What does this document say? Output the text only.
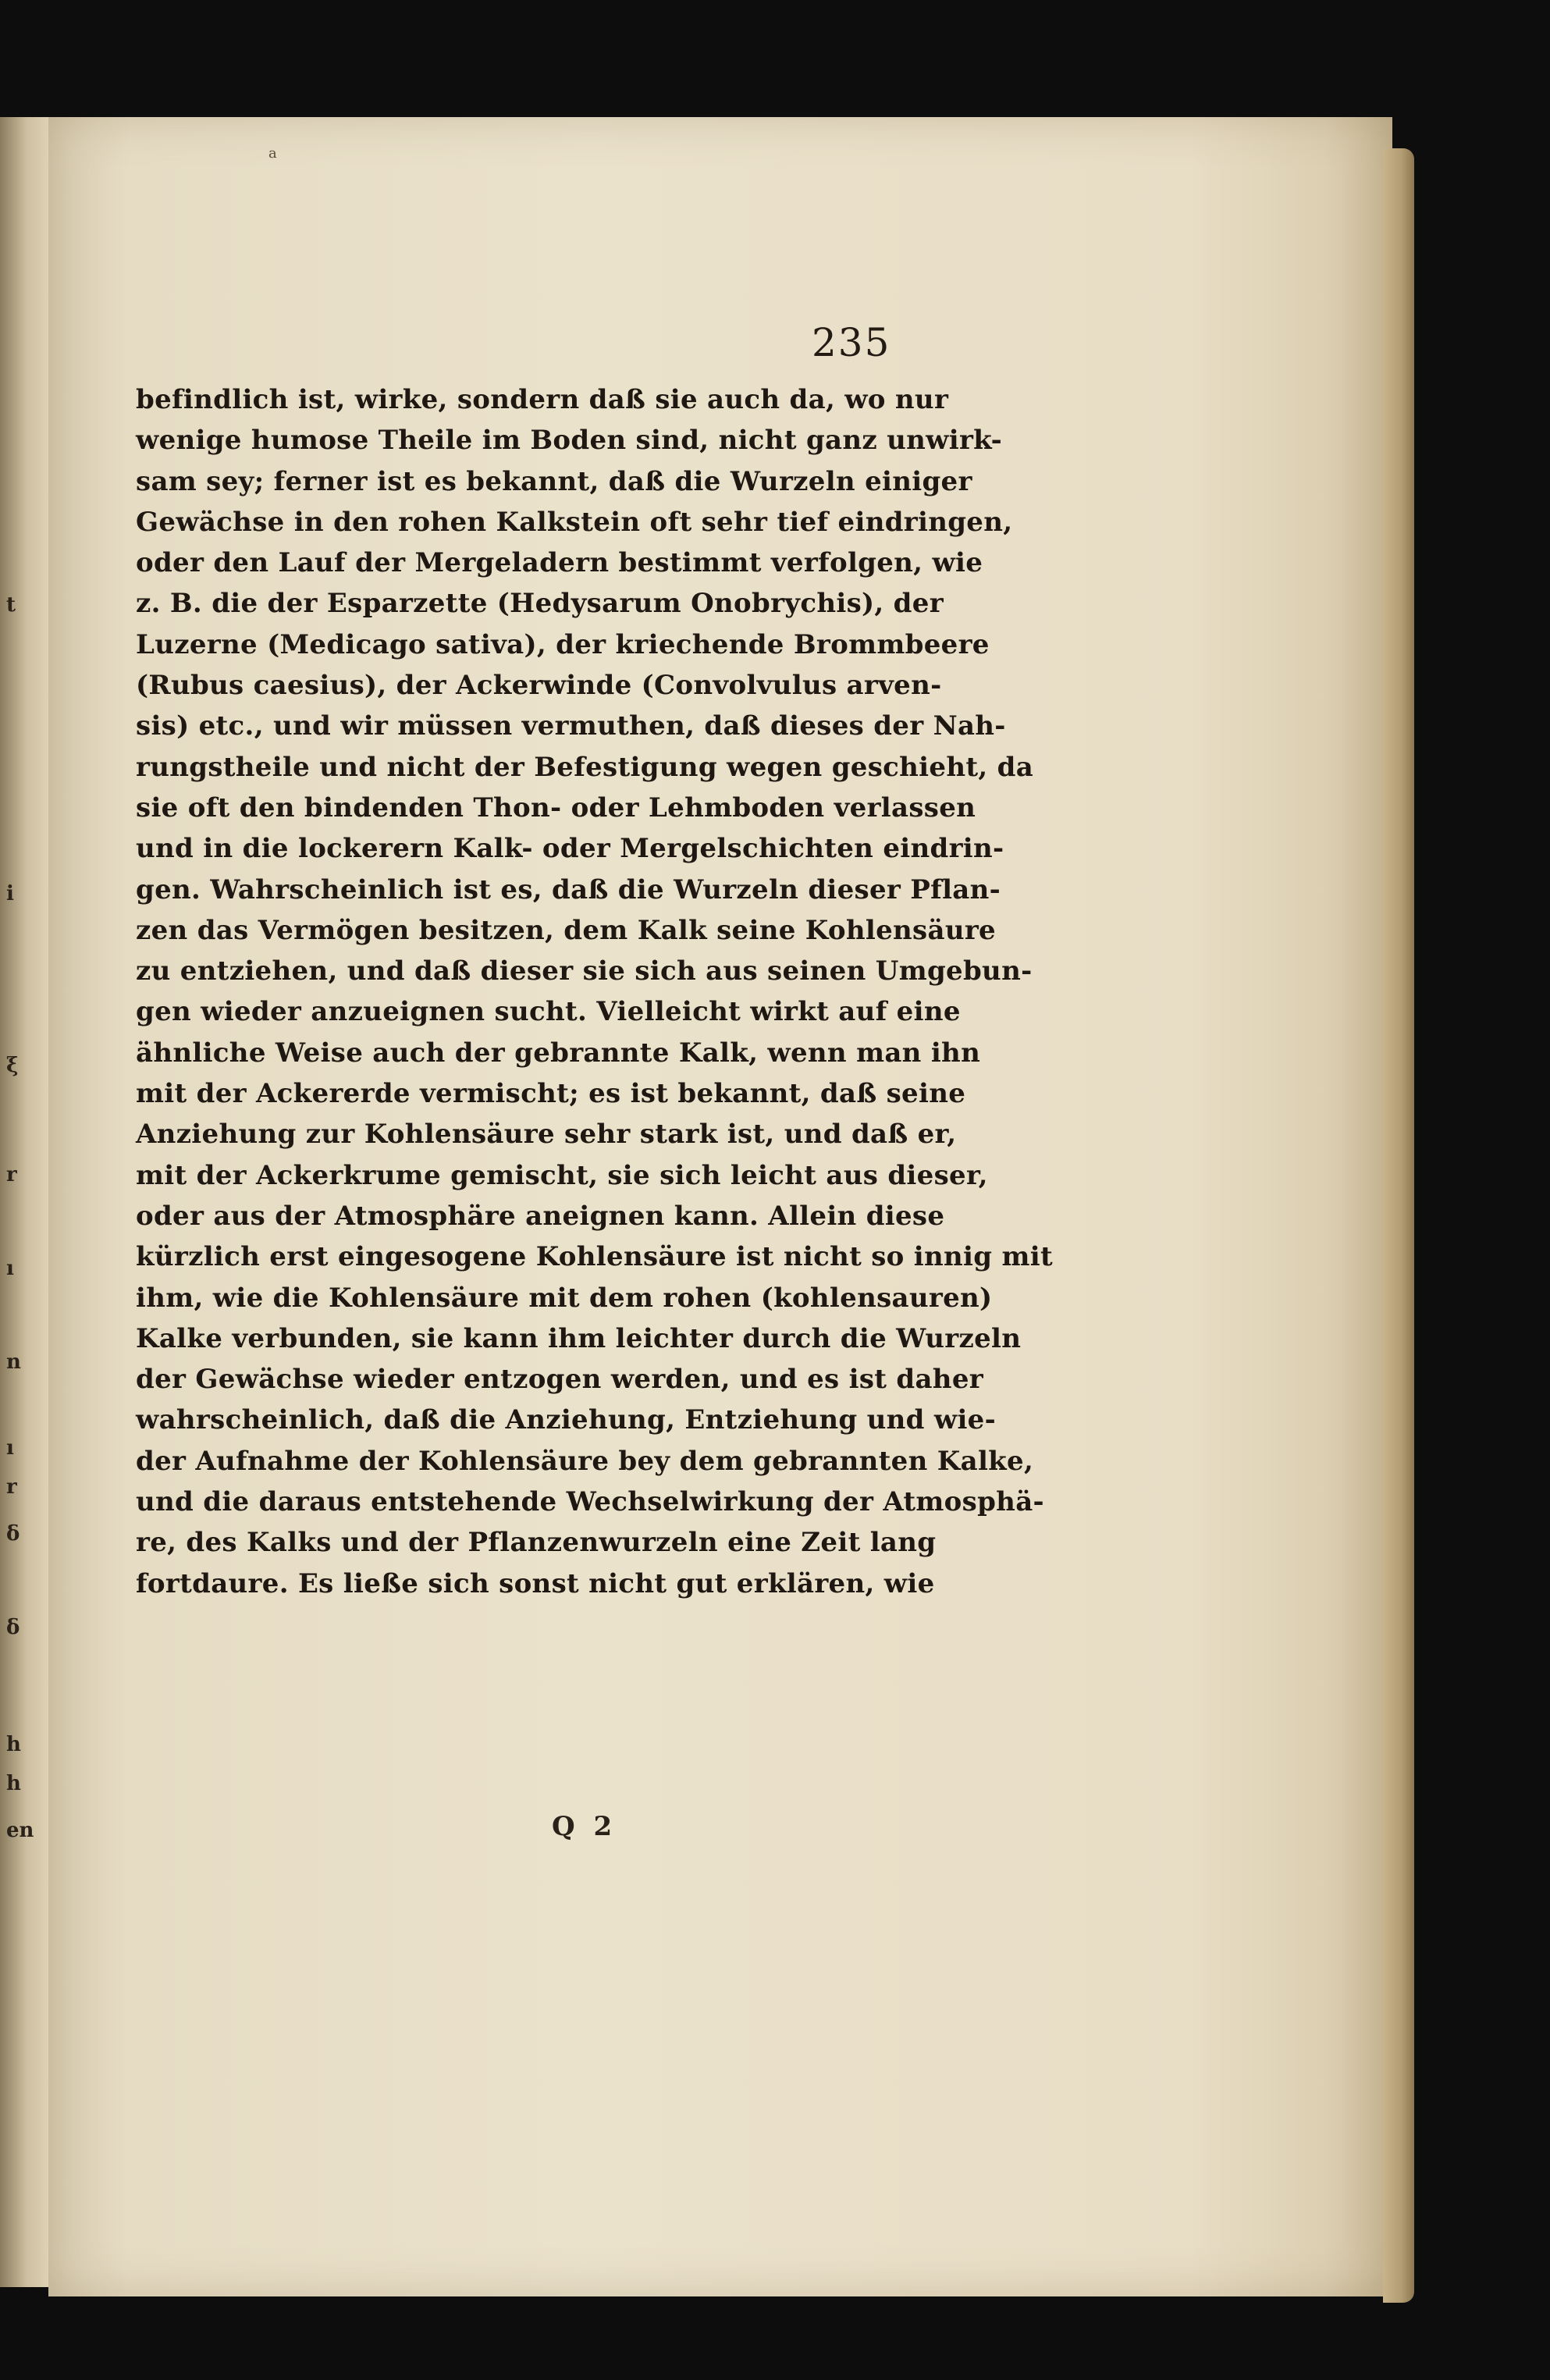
t
i
ξ
r
ı
n
ı
r
δ
δ
h
h
en
a
235
befindlich ist, wirke, sondern daß sie auch da, wo nur
wenige humose Theile im Boden sind, nicht ganz unwirk-
sam sey; ferner ist es bekannt, daß die Wurzeln einiger
Gewächse in den rohen Kalkstein oft sehr tief eindringen,
oder den Lauf der Mergeladern bestimmt verfolgen, wie
z. B. die der Esparzette (Hedysarum Onobrychis), der
Luzerne (Medicago sativa), der kriechende Brommbeere
(Rubus caesius), der Ackerwinde (Convolvulus arven-
sis) etc., und wir müssen vermuthen, daß dieses der Nah-
rungstheile und nicht der Befestigung wegen geschieht, da
sie oft den bindenden Thon- oder Lehmboden verlassen
und in die lockerern Kalk- oder Mergelschichten eindrin-
gen. Wahrscheinlich ist es, daß die Wurzeln dieser Pflan-
zen das Vermögen besitzen, dem Kalk seine Kohlensäure
zu entziehen, und daß dieser sie sich aus seinen Umgebun-
gen wieder anzueignen sucht. Vielleicht wirkt auf eine
ähnliche Weise auch der gebrannte Kalk, wenn man ihn
mit der Ackererde vermischt; es ist bekannt, daß seine
Anziehung zur Kohlensäure sehr stark ist, und daß er,
mit der Ackerkrume gemischt, sie sich leicht aus dieser,
oder aus der Atmosphäre aneignen kann. Allein diese
kürzlich erst eingesogene Kohlensäure ist nicht so innig mit
ihm, wie die Kohlensäure mit dem rohen (kohlensauren)
Kalke verbunden, sie kann ihm leichter durch die Wurzeln
der Gewächse wieder entzogen werden, und es ist daher
wahrscheinlich, daß die Anziehung, Entziehung und wie-
der Aufnahme der Kohlensäure bey dem gebrannten Kalke,
und die daraus entstehende Wechselwirkung der Atmosphä-
re, des Kalks und der Pflanzenwurzeln eine Zeit lang
fortdaure. Es ließe sich sonst nicht gut erklären, wie
Q 2
